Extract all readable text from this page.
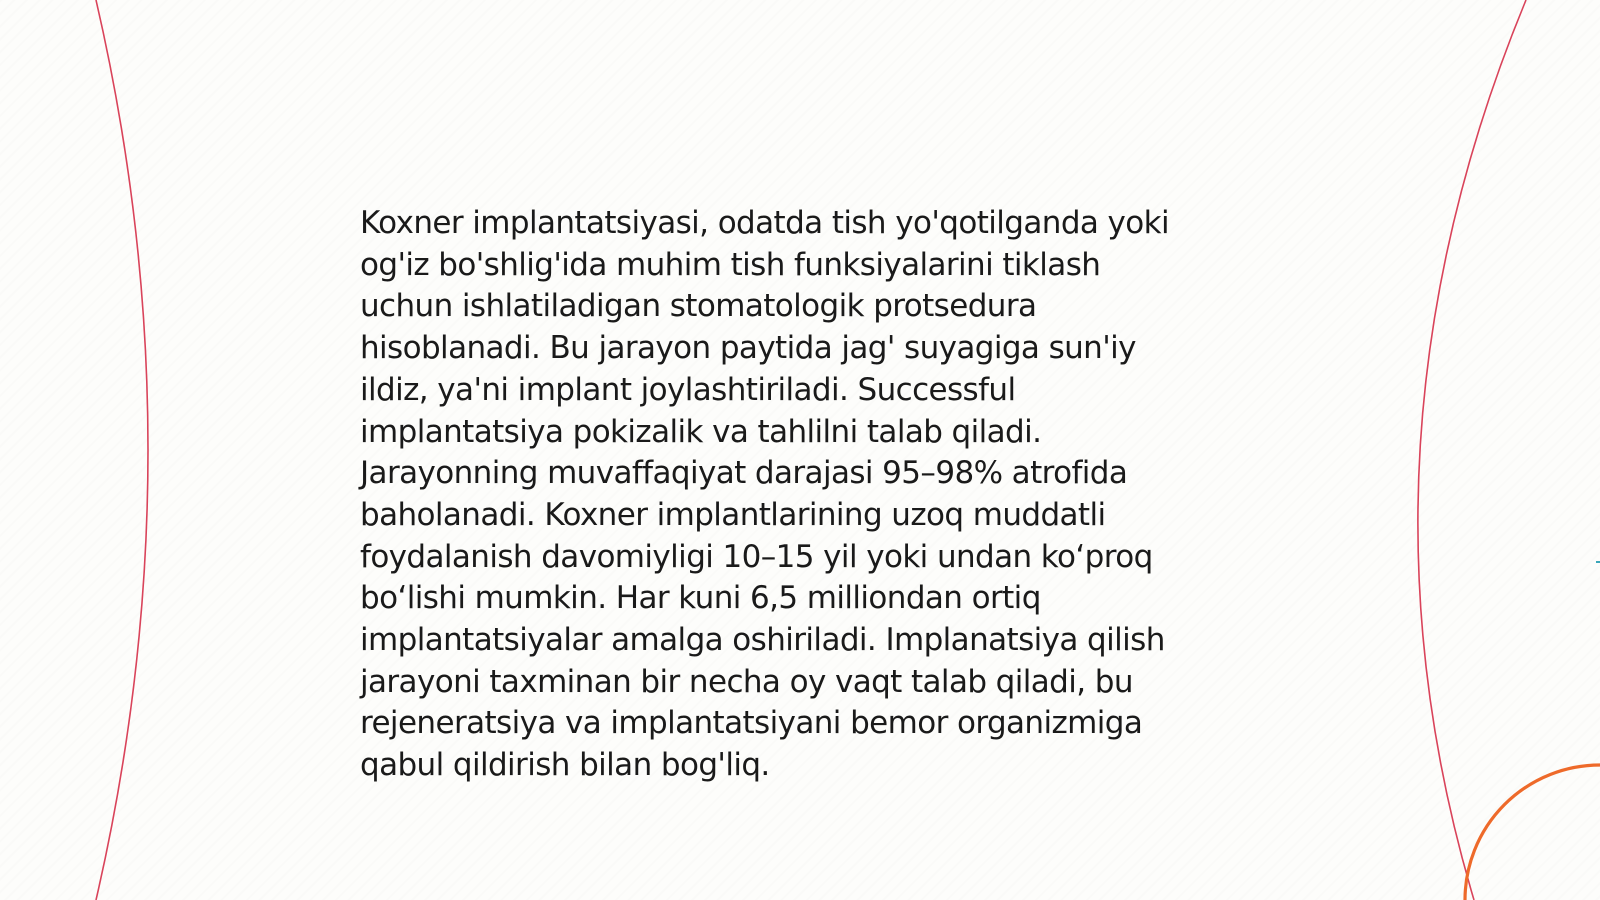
Koxner implantatsiyasi, odatda tish yo'qotilganda yoki
og'iz bo'shlig'ida muhim tish funksiyalarini tiklash
uchun ishlatiladigan stomatologik protsedura
hisoblanadi. Bu jarayon paytida jag' suyagiga sun'iy
ildiz, ya'ni implant joylashtiriladi. Successful
implantatsiya pokizalik va tahlilni talab qiladi.
Jarayonning muvaffaqiyat darajasi 95–98% atrofida
baholanadi. Koxner implantlarining uzoq muddatli
foydalanish davomiyligi 10–15 yil yoki undan koʻproq
boʻlishi mumkin. Har kuni 6,5 milliondan ortiq
implantatsiyalar amalga oshiriladi. Implanatsiya qilish
jarayoni taxminan bir necha oy vaqt talab qiladi, bu
rejeneratsiya va implantatsiyani bemor organizmiga
qabul qildirish bilan bog'liq.
